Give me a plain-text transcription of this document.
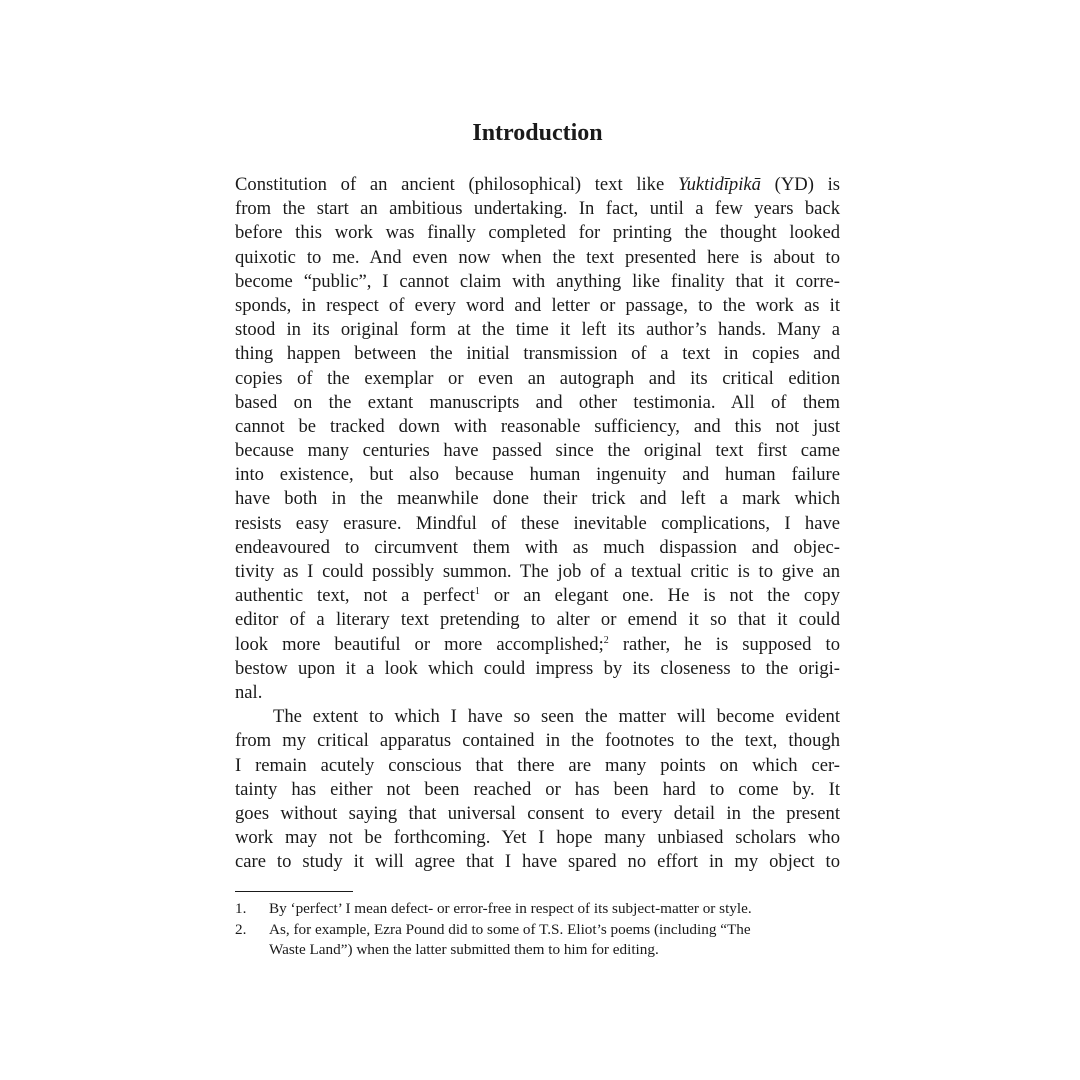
Introduction
Constitution of an ancient (philosophical) text like Yuktidīpikā (YD) is
from the start an ambitious undertaking. In fact, until a few years back
before this work was finally completed for printing the thought looked
quixotic to me. And even now when the text presented here is about to
become “public”, I cannot claim with anything like finality that it corre-
sponds, in respect of every word and letter or passage, to the work as it
stood in its original form at the time it left its author’s hands. Many a
thing happen between the initial transmission of a text in copies and
copies of the exemplar or even an autograph and its critical edition
based on the extant manuscripts and other testimonia. All of them
cannot be tracked down with reasonable sufficiency, and this not just
because many centuries have passed since the original text first came
into existence, but also because human ingenuity and human failure
have both in the meanwhile done their trick and left a mark which
resists easy erasure. Mindful of these inevitable complications, I have
endeavoured to circumvent them with as much dispassion and objec-
tivity as I could possibly summon. The job of a textual critic is to give an
authentic text, not a perfect$^1$ or an elegant one. He is not the copy
editor of a literary text pretending to alter or emend it so that it could
look more beautiful or more accomplished;$^2$ rather, he is supposed to
bestow upon it a look which could impress by its closeness to the origi-
nal.
The extent to which I have so seen the matter will become evident
from my critical apparatus contained in the footnotes to the text, though
I remain acutely conscious that there are many points on which cer-
tainty has either not been reached or has been hard to come by. It
goes without saying that universal consent to every detail in the present
work may not be forthcoming. Yet I hope many unbiased scholars who
care to study it will agree that I have spared no effort in my object to
1. By ‘perfect’ I mean defect- or error-free in respect of its subject-matter or style.
2. As, for example, Ezra Pound did to some of T.S. Eliot’s poems (including “The
Waste Land”) when the latter submitted them to him for editing.
